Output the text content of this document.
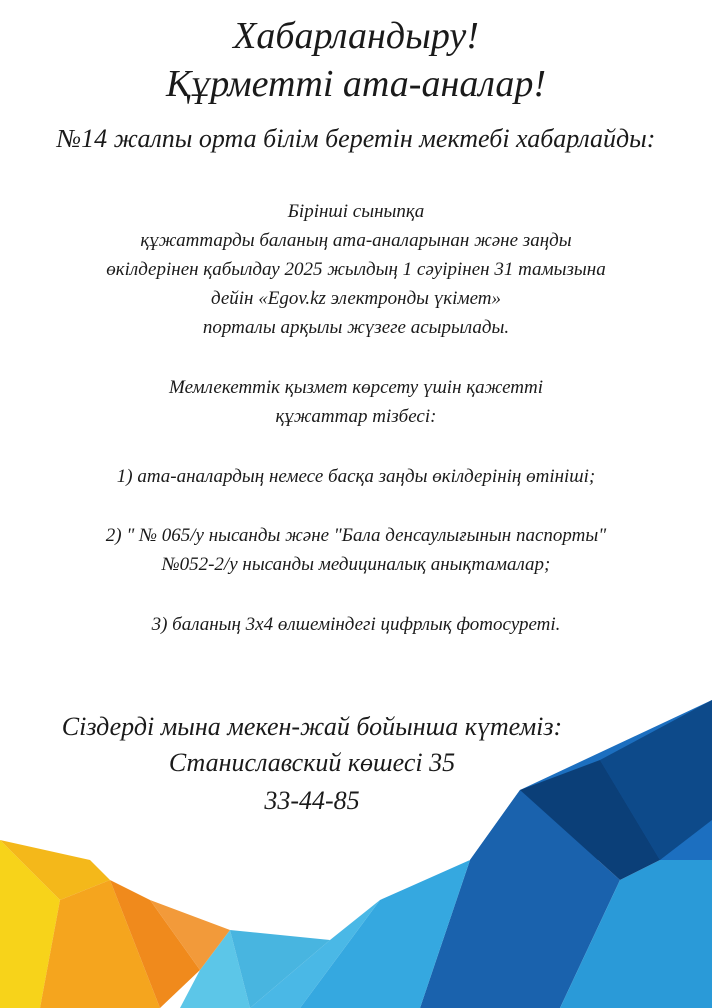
Хабарландыру!

Құрметті ата-аналар!

№14 жалпы орта білім беретін мектебі хабарлайды:

Бірінші сыныпқа

құжаттарды баланың ата-аналарынан және заңды

өкілдерінен қабылдау 2025 жылдың 1 сәуірінен 31 тамызына

дейін «Egov.kz электронды үкімет»

порталы арқылы жүзеге асырылады.

Мемлекеттік қызмет көрсету үшін қажетті

құжаттар тізбесі:

1) ата-аналардың немесе басқа заңды өкілдерінің өтініші;

2) " № 065/у нысанды және "Бала денсаулығынын паспорты"

№052-2/у нысанды медициналық анықтамалар;

3) баланың 3х4 өлшеміндегі цифрлық фотосуреті.

Сіздерді мына мекен-жай бойынша күтеміз:

Станиславский көшесі 35

33-44-85
